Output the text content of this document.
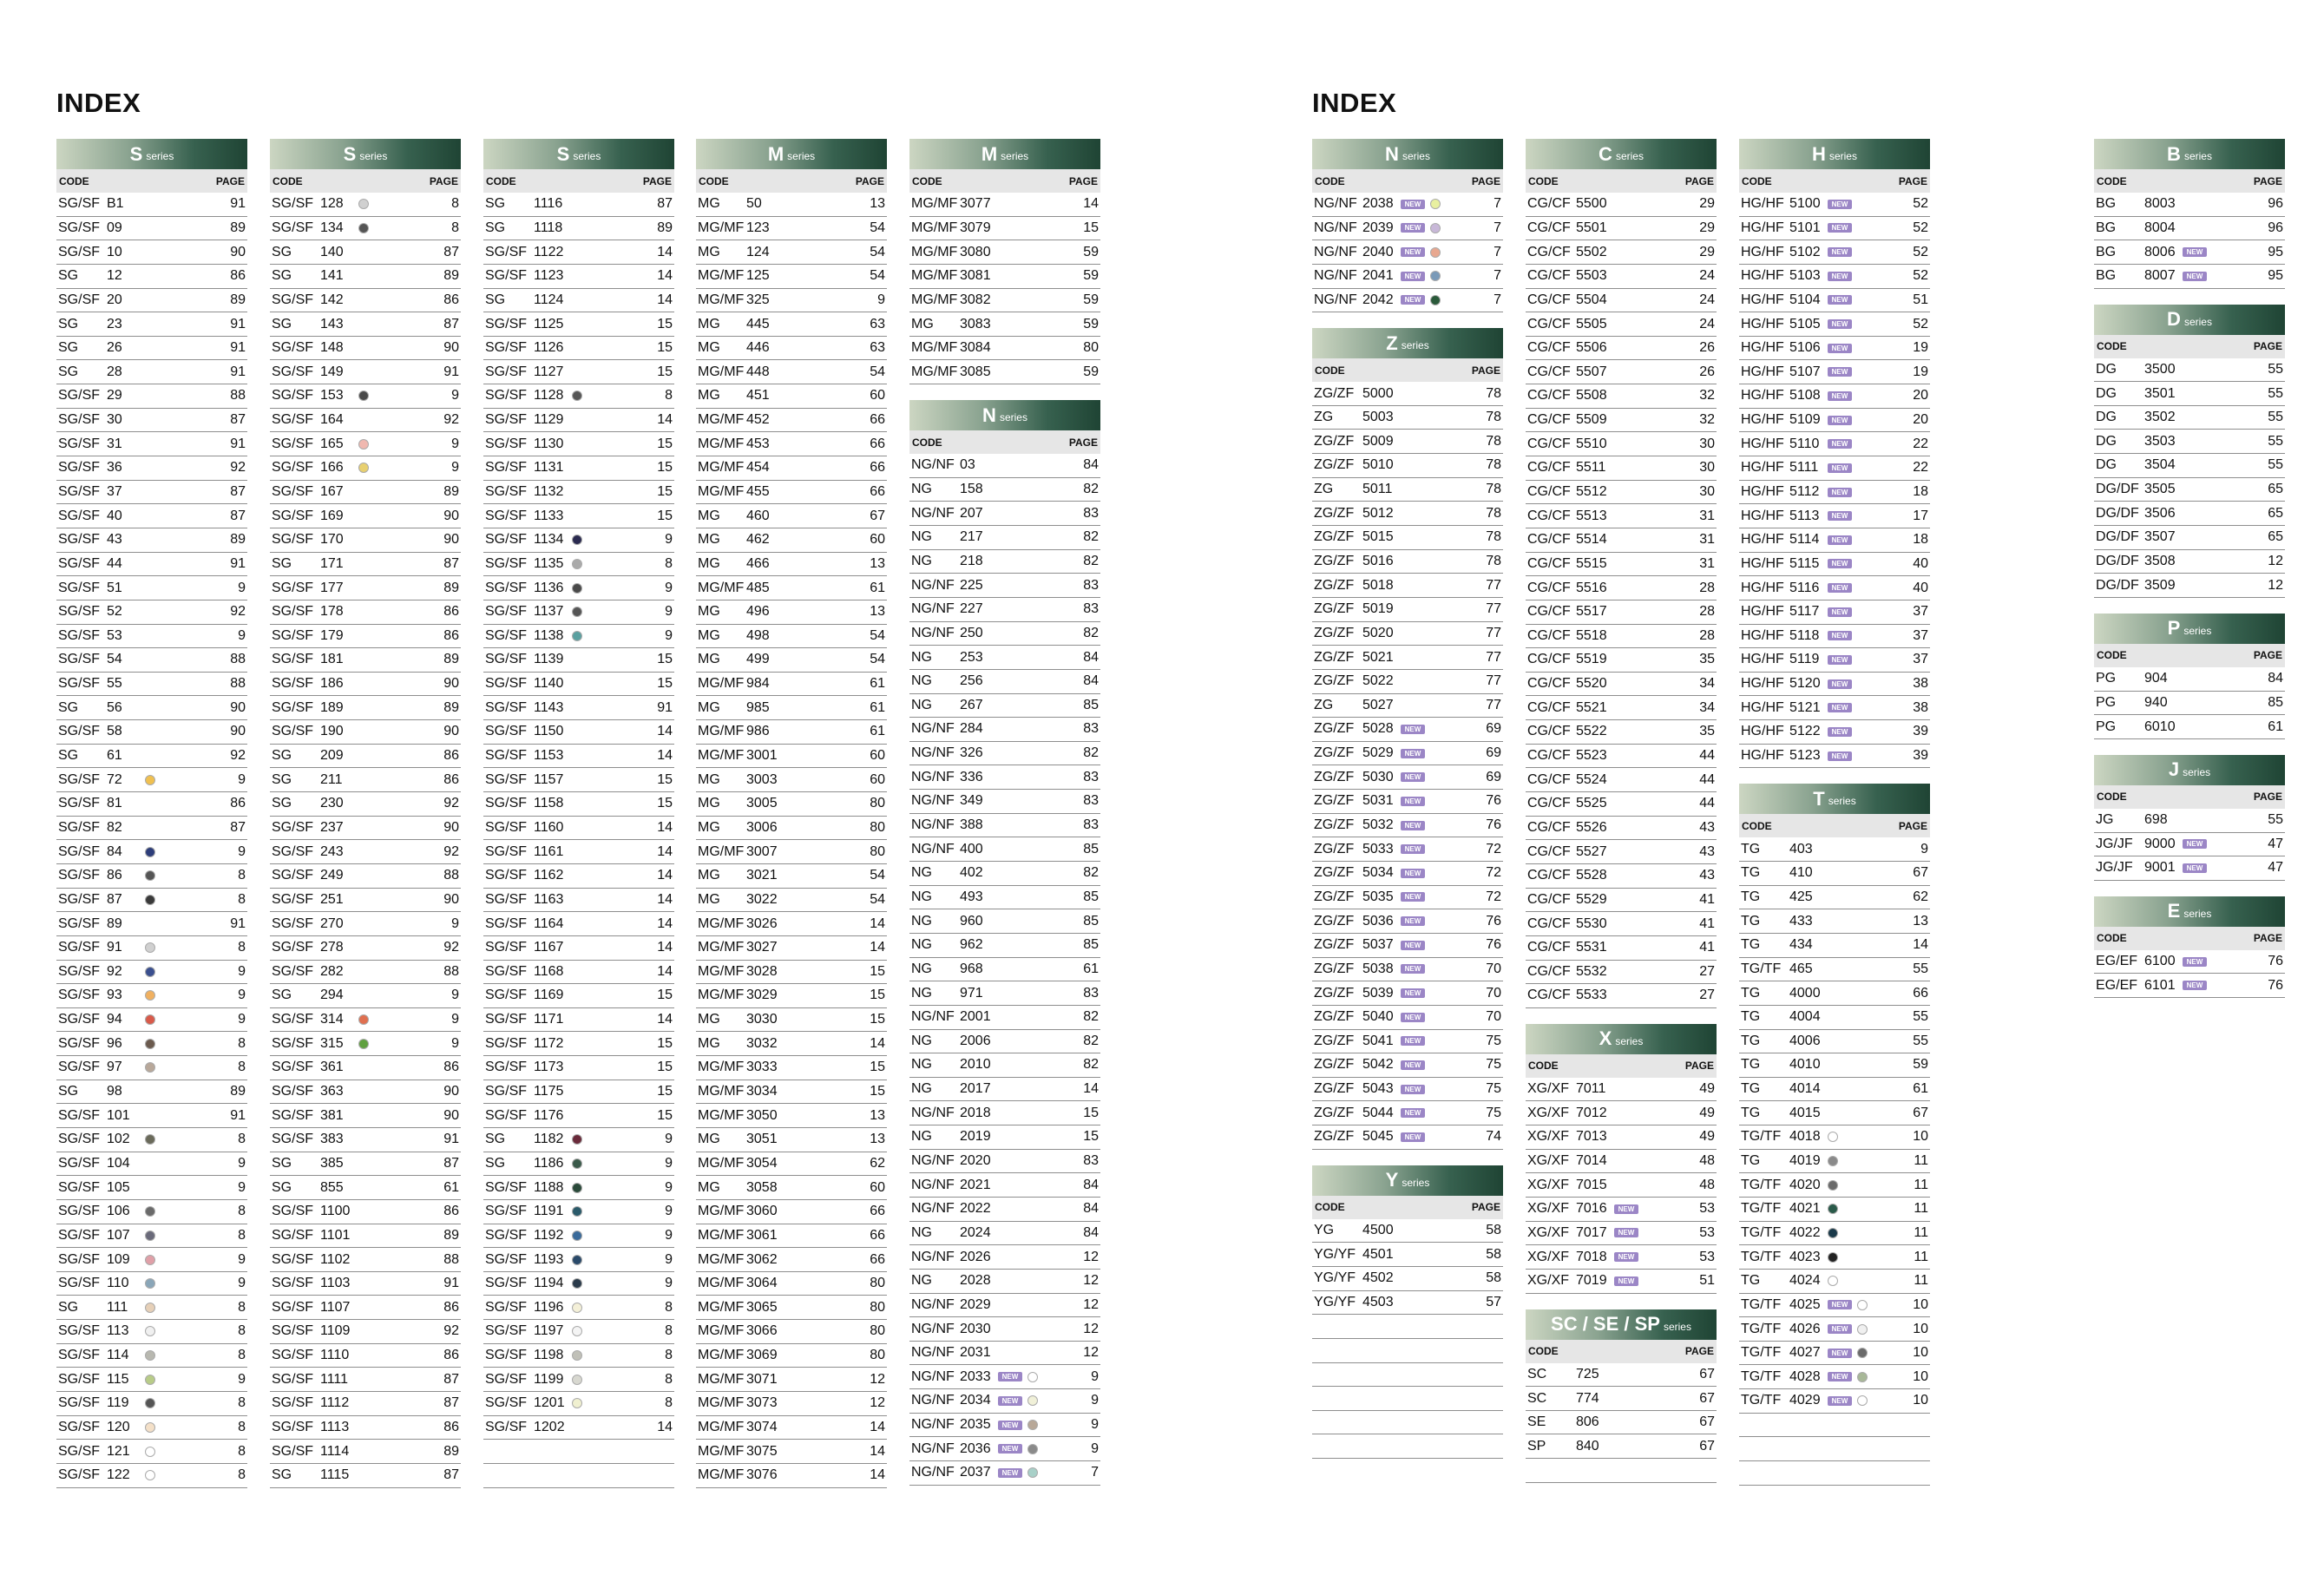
INDEX
S series
CODE	PAGE
SG/SF B1	91
SG/SF 09	89
SG/SF 10	90
SG	12	86
SG/SF 20	89
SG	23	91
SG	26	91
SG	28	91
SG/SF 29	88
SG/SF 30	87
SG/SF 31	91
SG/SF 36	92
SG/SF 37	87
SG/SF 40	87
SG/SF 43	89
SG/SF 44	91
SG/SF 51	9
SG/SF 52	92
SG/SF 53	9
SG/SF 54	88
SG/SF 55	88
SG	56	90
SG/SF 58	90
SG	61	92
SG/SF 72	9
SG/SF 81	86
SG/SF 82	87
SG/SF 84	9
SG/SF 86	8
SG/SF 87	8
SG/SF 89	91
SG/SF 91	8
SG/SF 92	9
SG/SF 93	9
SG/SF 94	9
SG/SF 96	8
SG/SF 97	8
SG	98	89
SG/SF 101	91
SG/SF 102	8
SG/SF 104	9
SG/SF 105	9
SG/SF 106	8
SG/SF 107	8
SG/SF 109	9
SG/SF 110	9
SG	111	8
SG/SF 113	8
SG/SF 114	8
SG/SF 115	9
SG/SF 119	8
SG/SF 120	8
SG/SF 121	8
SG/SF 122	8
S series
CODE	PAGE
SG/SF 128	8
SG/SF 134	8
SG	140	87
SG	141	89
SG/SF 142	86
SG	143	87
SG/SF 148	90
SG/SF 149	91
SG/SF 153	9
SG/SF 164	92
SG/SF 165	9
SG/SF 166	9
SG/SF 167	89
SG/SF 169	90
SG/SF 170	90
SG	171	87
SG/SF 177	89
SG/SF 178	86
SG/SF 179	86
SG/SF 181	89
SG/SF 186	90
SG/SF 189	89
SG/SF 190	90
SG	209	86
SG	211	86
SG	230	92
SG/SF 237	90
SG/SF 243	92
SG/SF 249	88
SG/SF 251	90
SG/SF 270	9
SG/SF 278	92
SG/SF 282	88
SG	294	9
SG/SF 314	9
SG/SF 315	9
SG/SF 361	86
SG/SF 363	90
SG/SF 381	90
SG/SF 383	91
SG	385	87
SG	855	61
SG/SF 1100	86
SG/SF 1101	89
SG/SF 1102	88
SG/SF 1103	91
SG/SF 1107	86
SG/SF 1109	92
SG/SF 1110	86
SG/SF 1111	87
SG/SF 1112	87
SG/SF 1113	86
SG/SF 1114	89
SG	1115	87
S series
CODE	PAGE
SG	1116	87
SG	1118	89
SG/SF 1122	14
SG/SF 1123	14
SG	1124	14
SG/SF 1125	15
SG/SF 1126	15
SG/SF 1127	15
SG/SF 1128	8
SG/SF 1129	14
SG/SF 1130	15
SG/SF 1131	15
SG/SF 1132	15
SG/SF 1133	15
SG/SF 1134	9
SG/SF 1135	8
SG/SF 1136	9
SG/SF 1137	9
SG/SF 1138	9
SG/SF 1139	15
SG/SF 1140	15
SG/SF 1143	91
SG/SF 1150	14
SG/SF 1153	14
SG/SF 1157	15
SG/SF 1158	15
SG/SF 1160	14
SG/SF 1161	14
SG/SF 1162	14
SG/SF 1163	14
SG/SF 1164	14
SG/SF 1167	14
SG/SF 1168	14
SG/SF 1169	15
SG/SF 1171	14
SG/SF 1172	15
SG/SF 1173	15
SG/SF 1175	15
SG/SF 1176	15
SG	1182	9
SG	1186	9
SG/SF 1188	9
SG/SF 1191	9
SG/SF 1192	9
SG/SF 1193	9
SG/SF 1194	9
SG/SF 1196	8
SG/SF 1197	8
SG/SF 1198	8
SG/SF 1199	8
SG/SF 1201	8
SG/SF 1202	14
M series
CODE	PAGE
MG	50	13
MG/MF 123	54
MG	124	54
MG/MF 125	54
MG/MF 325	9
MG	445	63
MG	446	63
MG/MF 448	54
MG	451	60
MG/MF 452	66
MG/MF 453	66
MG/MF 454	66
MG/MF 455	66
MG	460	67
MG	462	60
MG	466	13
MG/MF 485	61
MG	496	13
MG	498	54
MG	499	54
MG/MF 984	61
MG	985	61
MG/MF 986	61
MG/MF 3001	60
MG	3003	60
MG	3005	80
MG	3006	80
MG/MF 3007	80
MG	3021	54
MG	3022	54
MG/MF 3026	14
MG/MF 3027	14
MG/MF 3028	15
MG/MF 3029	15
MG	3030	15
MG	3032	14
MG/MF 3033	15
MG/MF 3034	15
MG/MF 3050	13
MG	3051	13
MG/MF 3054	62
MG	3058	60
MG/MF 3060	66
MG/MF 3061	66
MG/MF 3062	66
MG/MF 3064	80
MG/MF 3065	80
MG/MF 3066	80
MG/MF 3069	80
MG/MF 3071	12
MG/MF 3073	12
MG/MF 3074	14
MG/MF 3075	14
MG/MF 3076	14
M series
CODE	PAGE
MG/MF 3077	14
MG/MF 3079	15
MG/MF 3080	59
MG/MF 3081	59
MG/MF 3082	59
MG	3083	59
MG/MF 3084	80
MG/MF 3085	59
N series
CODE	PAGE
NG/NF 03	84
NG	158	82
NG/NF 207	83
NG	217	82
NG	218	82
NG/NF 225	83
NG/NF 227	83
NG/NF 250	82
NG	253	84
NG	256	84
NG	267	85
NG/NF 284	83
NG/NF 326	82
NG/NF 336	83
NG/NF 349	83
NG/NF 388	83
NG/NF 400	85
NG	402	82
NG	493	85
NG	960	85
NG	962	85
NG	968	61
NG	971	83
NG/NF 2001	82
NG	2006	82
NG	2010	82
NG	2017	14
NG/NF 2018	15
NG	2019	15
NG/NF 2020	83
NG/NF 2021	84
NG/NF 2022	84
NG	2024	84
NG/NF 2026	12
NG	2028	12
NG/NF 2029	12
NG/NF 2030	12
NG/NF 2031	12
NG/NF 2033	NEW	9
NG/NF 2034	NEW	9
NG/NF 2035	NEW	9
NG/NF 2036	NEW	9
NG/NF 2037	NEW	7
INDEX
N series
CODE	PAGE
NG/NF 2038	NEW	7
NG/NF 2039	NEW	7
NG/NF 2040	NEW	7
NG/NF 2041	NEW	7
NG/NF 2042	NEW	7
Z series
CODE	PAGE
ZG/ZF 5000	78
ZG	5003	78
ZG/ZF 5009	78
ZG/ZF 5010	78
ZG	5011	78
ZG/ZF 5012	78
ZG/ZF 5015	78
ZG/ZF 5016	78
ZG/ZF 5018	77
ZG/ZF 5019	77
ZG/ZF 5020	77
ZG/ZF 5021	77
ZG/ZF 5022	77
ZG	5027	77
ZG/ZF 5028	NEW	69
ZG/ZF 5029	NEW	69
ZG/ZF 5030	NEW	69
ZG/ZF 5031	NEW	76
ZG/ZF 5032	NEW	76
ZG/ZF 5033	NEW	72
ZG/ZF 5034	NEW	72
ZG/ZF 5035	NEW	72
ZG/ZF 5036	NEW	76
ZG/ZF 5037	NEW	76
ZG/ZF 5038	NEW	70
ZG/ZF 5039	NEW	70
ZG/ZF 5040	NEW	70
ZG/ZF 5041	NEW	75
ZG/ZF 5042	NEW	75
ZG/ZF 5043	NEW	75
ZG/ZF 5044	NEW	75
ZG/ZF 5045	NEW	74
Y series
CODE	PAGE
YG	4500	58
YG/YF 4501	58
YG/YF 4502	58
YG/YF 4503	57
C series
CODE	PAGE
CG/CF 5500	29
CG/CF 5501	29
CG/CF 5502	29
CG/CF 5503	24
CG/CF 5504	24
CG/CF 5505	24
CG/CF 5506	26
CG/CF 5507	26
CG/CF 5508	32
CG/CF 5509	32
CG/CF 5510	30
CG/CF 5511	30
CG/CF 5512	30
CG/CF 5513	31
CG/CF 5514	31
CG/CF 5515	31
CG/CF 5516	28
CG/CF 5517	28
CG/CF 5518	28
CG/CF 5519	35
CG/CF 5520	34
CG/CF 5521	34
CG/CF 5522	35
CG/CF 5523	44
CG/CF 5524	44
CG/CF 5525	44
CG/CF 5526	43
CG/CF 5527	43
CG/CF 5528	43
CG/CF 5529	41
CG/CF 5530	41
CG/CF 5531	41
CG/CF 5532	27
CG/CF 5533	27
X series
CODE	PAGE
XG/XF 7011	49
XG/XF 7012	49
XG/XF 7013	49
XG/XF 7014	48
XG/XF 7015	48
XG/XF 7016	NEW	53
XG/XF 7017	NEW	53
XG/XF 7018	NEW	53
XG/XF 7019	NEW	51
SC / SE / SP series
CODE	PAGE
SC	725	67
SC	774	67
SE	806	67
SP	840	67
H series
CODE	PAGE
HG/HF 5100	NEW	52
HG/HF 5101	NEW	52
HG/HF 5102	NEW	52
HG/HF 5103	NEW	52
HG/HF 5104	NEW	51
HG/HF 5105	NEW	52
HG/HF 5106	NEW	19
HG/HF 5107	NEW	19
HG/HF 5108	NEW	20
HG/HF 5109	NEW	20
HG/HF 5110	NEW	22
HG/HF 5111	NEW	22
HG/HF 5112	NEW	18
HG/HF 5113	NEW	17
HG/HF 5114	NEW	18
HG/HF 5115	NEW	40
HG/HF 5116	NEW	40
HG/HF 5117	NEW	37
HG/HF 5118	NEW	37
HG/HF 5119	NEW	37
HG/HF 5120	NEW	38
HG/HF 5121	NEW	38
HG/HF 5122	NEW	39
HG/HF 5123	NEW	39
T series
CODE	PAGE
TG	403	9
TG	410	67
TG	425	62
TG	433	13
TG	434	14
TG/TF 465	55
TG	4000	66
TG	4004	55
TG	4006	55
TG	4010	59
TG	4014	61
TG	4015	67
TG/TF 4018	10
TG	4019	11
TG/TF 4020	11
TG/TF 4021	11
TG/TF 4022	11
TG/TF 4023	11
TG	4024	11
TG/TF 4025	NEW	10
TG/TF 4026	NEW	10
TG/TF 4027	NEW	10
TG/TF 4028	NEW	10
TG/TF 4029	NEW	10
B series
CODE	PAGE
BG	8003	96
BG	8004	96
BG	8006	NEW	95
BG	8007	NEW	95
D series
CODE	PAGE
DG	3500	55
DG	3501	55
DG	3502	55
DG	3503	55
DG	3504	55
DG/DF 3505	65
DG/DF 3506	65
DG/DF 3507	65
DG/DF 3508	12
DG/DF 3509	12
P series
CODE	PAGE
PG	904	84
PG	940	85
PG	6010	61
J series
CODE	PAGE
JG	698	55
JG/JF 9000	NEW	47
JG/JF 9001	NEW	47
E series
CODE	PAGE
EG/EF 6100	NEW	76
EG/EF 6101	NEW	76
